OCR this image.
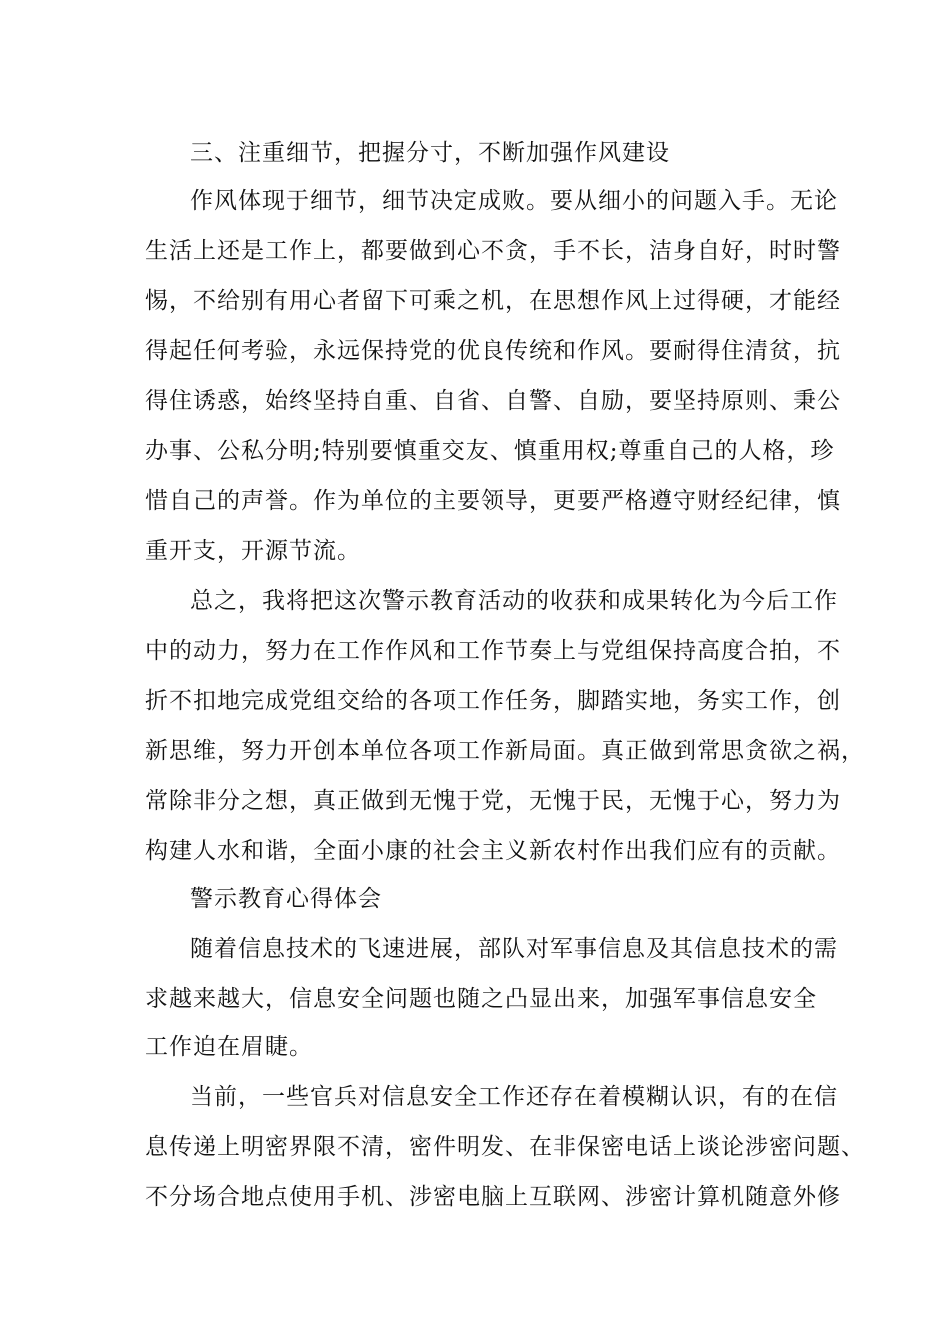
三、注重细节，把握分寸，不断加强作风建设
作风体现于细节，细节决定成败。要从细小的问题入手。无论
生活上还是工作上，都要做到心不贪，手不长，洁身自好，时时警
惕，不给别有用心者留下可乘之机，在思想作风上过得硬，才能经
得起任何考验，永远保持党的优良传统和作风。要耐得住清贫，抗
得住诱惑，始终坚持自重、自省、自警、自励，要坚持原则、秉公
办事、公私分明;特别要慎重交友、慎重用权;尊重自己的人格，珍
惜自己的声誉。作为单位的主要领导，更要严格遵守财经纪律，慎
重开支，开源节流。
总之，我将把这次警示教育活动的收获和成果转化为今后工作
中的动力，努力在工作作风和工作节奏上与党组保持高度合拍，不
折不扣地完成党组交给的各项工作任务，脚踏实地，务实工作，创
新思维，努力开创本单位各项工作新局面。真正做到常思贪欲之祸，
常除非分之想，真正做到无愧于党，无愧于民，无愧于心，努力为
构建人水和谐，全面小康的社会主义新农村作出我们应有的贡献。
警示教育心得体会
随着信息技术的飞速进展，部队对军事信息及其信息技术的需
求越来越大，信息安全问题也随之凸显出来，加强军事信息安全
工作迫在眉睫。
当前，一些官兵对信息安全工作还存在着模糊认识，有的在信
息传递上明密界限不清，密件明发、在非保密电话上谈论涉密问题、
不分场合地点使用手机、涉密电脑上互联网、涉密计算机随意外修
